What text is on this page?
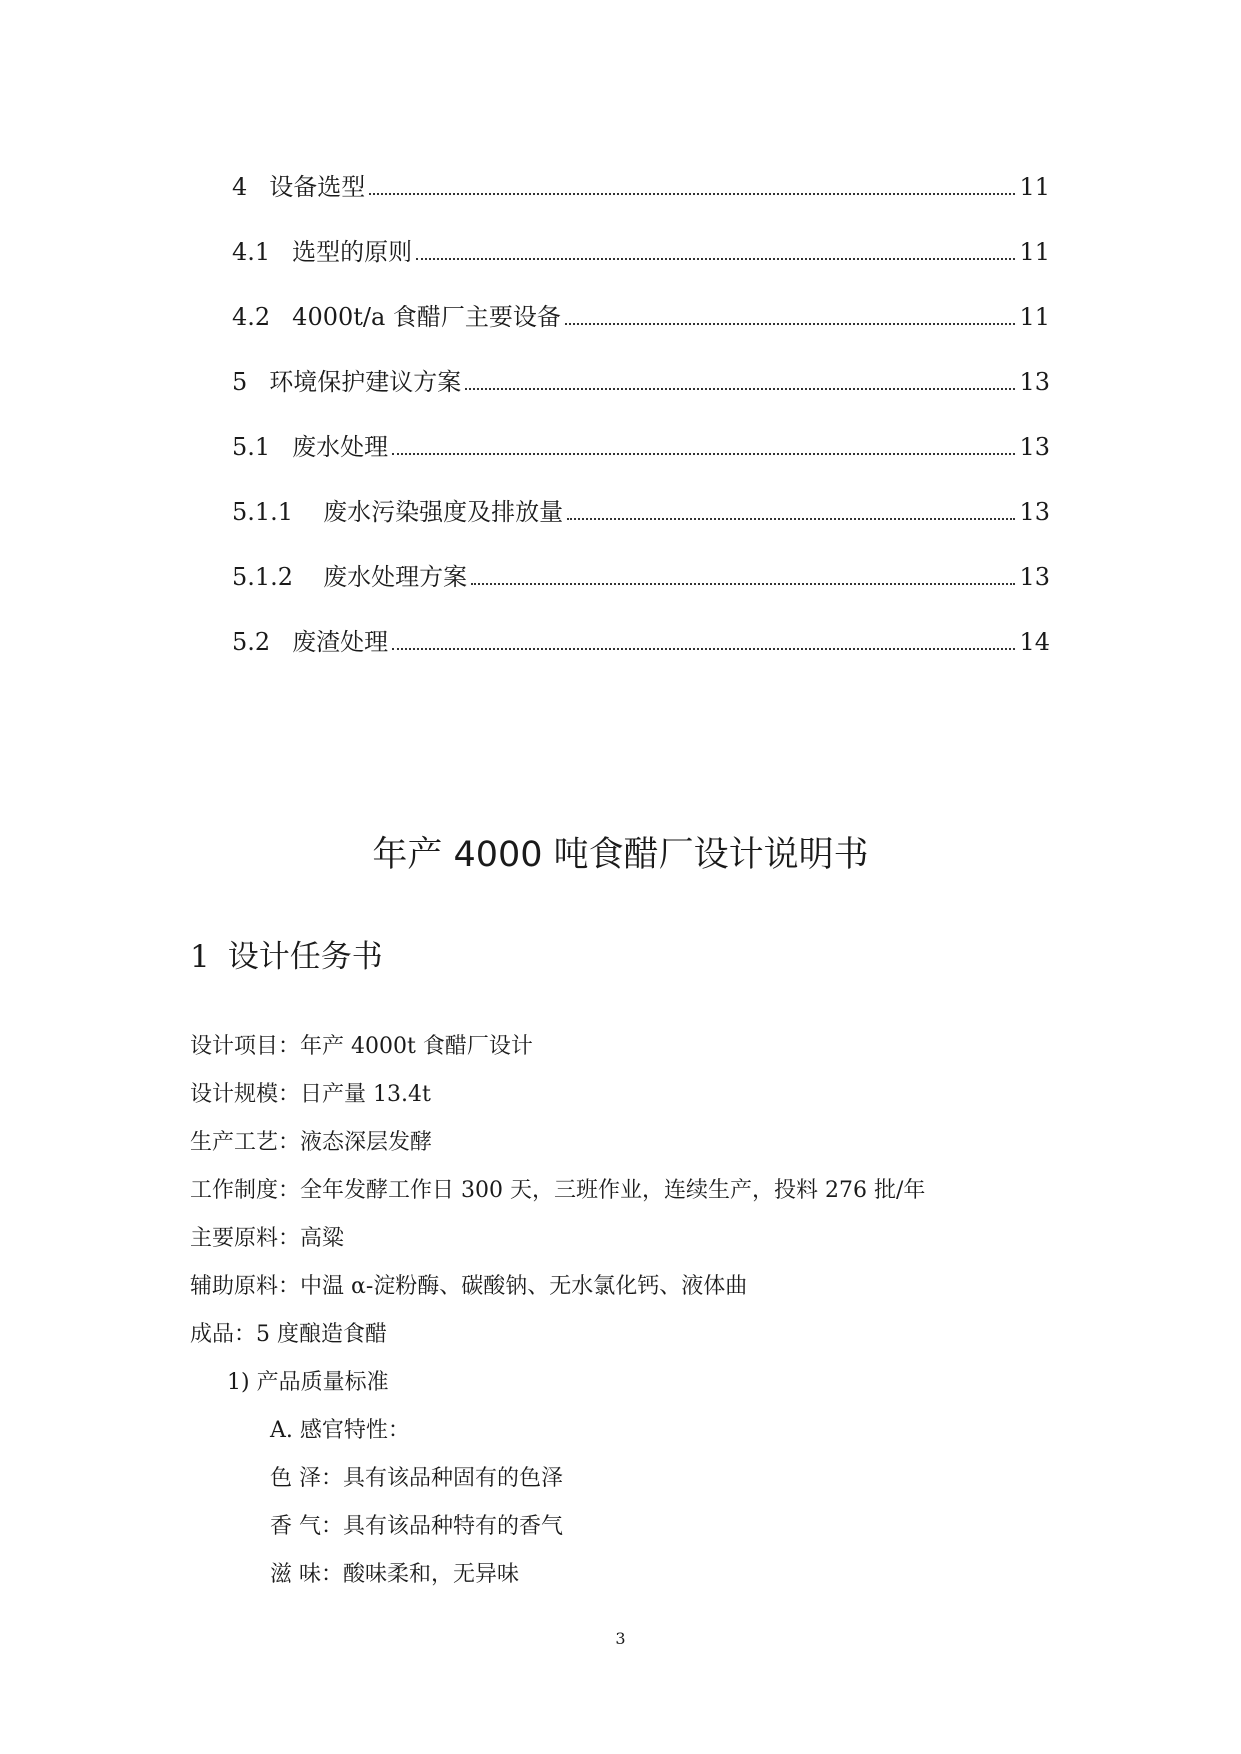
4 设备选型	11
4.1 选型的原则	11
4.2 4000t/a 食醋厂主要设备	11
5 环境保护建议方案	13
5.1 废水处理	13
5.1.1	废水污染强度及排放量	13
5.1.2	废水处理方案	13
5.2 废渣处理	14
年产 4000 吨食醋厂设计说明书
1 设计任务书
设计项目：年产 4000t 食醋厂设计
设计规模：日产量 13.4t
生产工艺：液态深层发酵
工作制度：全年发酵工作日 300 天，三班作业，连续生产，投料 276 批/年
主要原料：高粱
辅助原料：中温 α-淀粉酶、碳酸钠、无水氯化钙、液体曲
成品：5 度酿造食醋
1) 产品质量标准
A. 感官特性：
色 泽：具有该品种固有的色泽
香 气：具有该品种特有的香气
滋 味：酸味柔和，无异味
3
